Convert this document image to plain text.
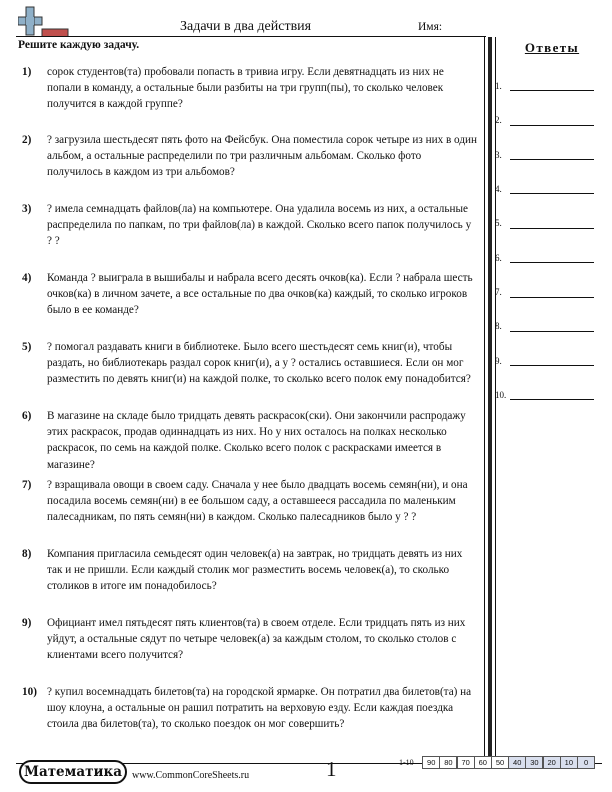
Задачи в два действия	Имя:
Решите каждую задачу.
1) сорок студентов(та) пробовали попасть в тривиа игру. Если девятнадцать из них не попали в команду, а остальные были разбиты на три групп(пы), то сколько человек получится в каждой группе?
2) ? загрузила шестьдесят пять фото на Фейсбук. Она поместила сорок четыре из них в один альбом, а остальные распределили по три различным альбомам. Сколько фото получилось в каждом из три альбомов?
3) ? имела семнадцать файлов(ла) на компьютере. Она удалила восемь из них, а остальные распределила по папкам, по три файлов(ла) в каждой. Сколько всего папок получилось у ? ?
4) Команда ? выиграла в вышибалы и набрала всего десять очков(ка). Если ? набрала шесть очков(ка) в личном зачете, а все остальные по два очков(ка) каждый, то сколько игроков было в ее команде?
5) ? помогал раздавать книги в библиотеке. Было всего шестьдесят семь книг(и), чтобы раздать, но библиотекарь раздал сорок книг(и), а у ? остались оставшиеся. Если он мог разместить по девять книг(и) на каждой полке, то сколько всего полок ему понадобится?
6) В магазине на складе было тридцать девять раскрасок(ски). Они закончили распродажу этих раскрасок, продав одиннадцать из них. Но у них осталось на полках несколько раскрасок, по семь на каждой полке. Сколько всего полок с раскрасками имеется в магазине?
7) ? взращивала овощи в своем саду. Сначала у нее было двадцать восемь семян(ни), и она посадила восемь семян(ни) в ее большом саду, а оставшееся рассадила по маленьким палесадникам, по пять семян(ни) в каждом. Сколько палесадников было у ? ?
8) Компания пригласила семьдесят один человек(а) на завтрак, но тридцать девять из них так и не пришли. Если каждый столик мог разместить восемь человек(а), то сколько столиков в итоге им понадобилось?
9) Официант имел пятьдесят пять клиентов(та) в своем отделе. Если тридцать пять из них уйдут, а остальные сядут по четыре человек(а) за каждым столом, то сколько столов с клиентами всего получится?
10) ? купил восемнадцать билетов(та) на городской ярмарке. Он потратил два билетов(та) на шоу клоуна, а остальные он рашил потратить на верховую езду. Если каждая поездка стоила два билетов(та), то сколько поездок он мог совершить?
Ответы
1.
2.
3.
4.
5.
6.
7.
8.
9.
10.
Математика	www.CommonCoreSheets.ru	1	1-10	90	80	70	60	50	40	30	20	10	0
